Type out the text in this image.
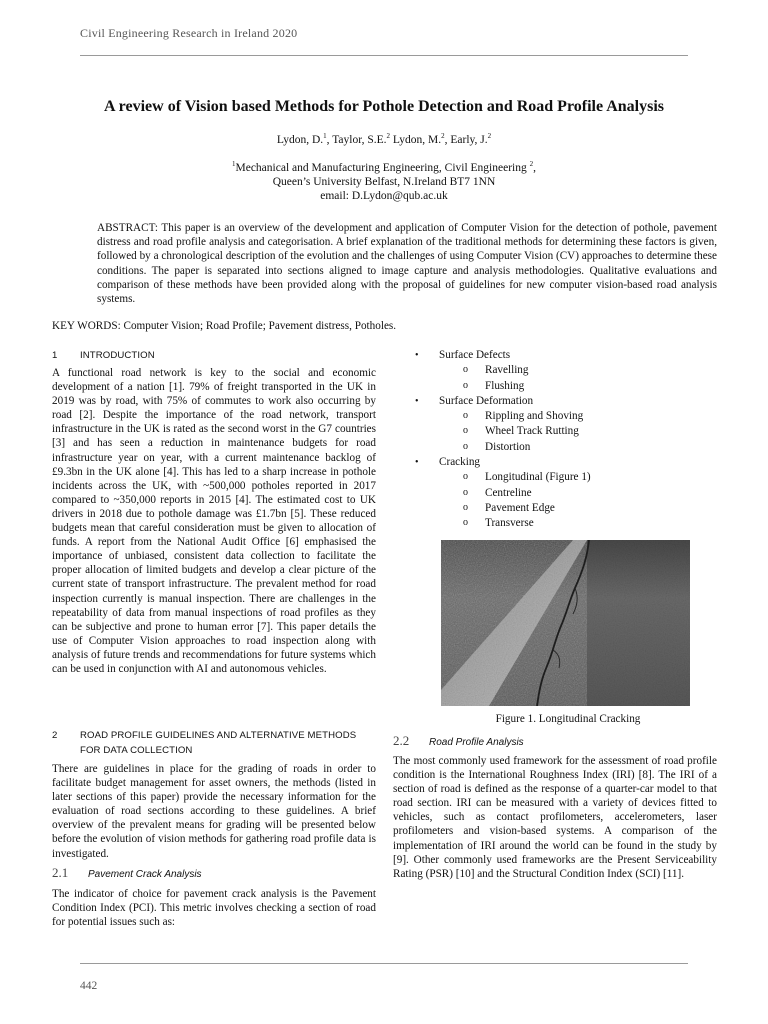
Civil Engineering Research in Ireland 2020
A review of Vision based Methods for Pothole Detection and Road Profile Analysis
Lydon, D.$^1$, Taylor, S.E.$^2$ Lydon, M.$^2$, Early, J.$^2$
$^1$Mechanical and Manufacturing Engineering, Civil Engineering $^2$,
Queen’s University Belfast, N.Ireland BT7 1NN
email: D.Lydon@qub.ac.uk
ABSTRACT: This paper is an overview of the development and application of Computer Vision for the detection of pothole, pavement distress and road profile analysis and categorisation. A brief explanation of the traditional methods for determining these factors is given, followed by a chronological description of the evolution and the challenges of using Computer Vision (CV) approaches to determine these conditions. The paper is separated into sections aligned to image capture and analysis methodologies. Qualitative evaluations and comparison of these methods have been provided along with the proposal of guidelines for new computer vision-based road analysis systems.
KEY WORDS: Computer Vision; Road Profile; Pavement distress, Potholes.
1 INTRODUCTION
A functional road network is key to the social and economic development of a nation [1]. 79% of freight transported in the UK in 2019 was by road, with 75% of commutes to work also occurring by road [2]. Despite the importance of the road network, transport infrastructure in the UK is rated as the second worst in the G7 countries [3] and has seen a reduction in maintenance budgets for road infrastructure year on year, with a current maintenance backlog of £9.3bn in the UK alone [4]. This has led to a sharp increase in pothole incidents across the UK, with ~500,000 potholes reported in 2017 compared to ~350,000 reports in 2015 [4]. The estimated cost to UK drivers in 2018 due to pothole damage was £1.7bn [5]. These reduced budgets mean that careful consideration must be given to allocation of funds. A report from the National Audit Office [6] emphasised the importance of unbiased, consistent data collection to facilitate the proper allocation of limited budgets and develop a clear picture of the current state of transport infrastructure. The prevalent method for road inspection currently is manual inspection. There are challenges in the repeatability of data from manual inspections of road profiles as they can be subjective and prone to human error [7]. This paper details the use of Computer Vision approaches to road inspection along with analysis of future trends and recommendations for future systems which can be used in conjunction with AI and autonomous vehicles.
2 ROAD PROFILE GUIDELINES AND ALTERNATIVE METHODS
FOR DATA COLLECTION
There are guidelines in place for the grading of roads in order to facilitate budget management for asset owners, the methods (listed in later sections of this paper) provide the necessary information for the evaluation of road sections according to these guidelines. A brief overview of the prevalent means for grading will be presented below before the evolution of vision methods for gathering road profile data is investigated.
2.1 Pavement Crack Analysis
The indicator of choice for pavement crack analysis is the Pavement Condition Index (PCI). This metric involves checking a section of road for potential issues such as:
• Surface Defects
o Ravelling
o Flushing
• Surface Deformation
o Rippling and Shoving
o Wheel Track Rutting
o Distortion
• Cracking
o Longitudinal (Figure 1)
o Centreline
o Pavement Edge
o Transverse
Figure 1. Longitudinal Cracking
2.2 Road Profile Analysis
The most commonly used framework for the assessment of road profile condition is the International Roughness Index (IRI) [8]. The IRI of a section of road is defined as the response of a quarter-car model to that road section. IRI can be measured with a variety of devices fitted to vehicles, such as contact profilometers, accelerometers, laser profilometers and vision-based systems. A comparison of the implementation of IRI around the world can be found in the study by [9]. Other commonly used frameworks are the Present Serviceability Rating (PSR) [10] and the Structural Condition Index (SCI) [11].
442
